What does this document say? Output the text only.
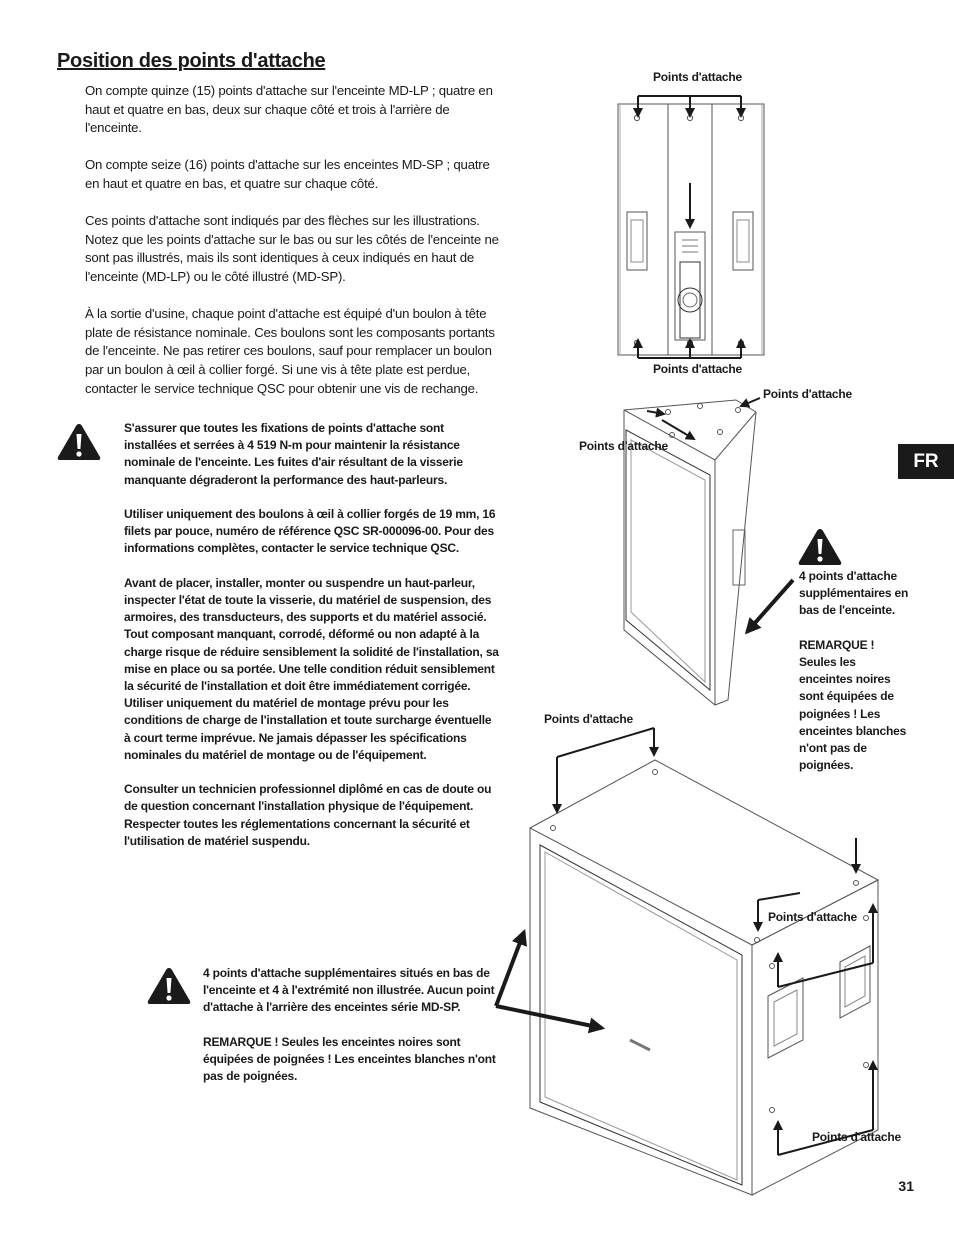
Position des points d'attache

On compte quinze (15) points d'attache sur l'enceinte MD-LP ; quatre en haut et quatre en bas, deux sur chaque côté et trois à l'arrière de l'enceinte.

On compte seize (16) points d'attache sur les enceintes MD-SP ; quatre en haut et quatre en bas, et quatre sur chaque côté.

Ces points d'attache sont indiqués par des flèches sur les illustrations. Notez que les points d'attache sur le bas ou sur les côtés de l'enceinte ne sont pas illustrés, mais ils sont identiques à ceux indiqués en haut de l'enceinte (MD-LP) ou le côté illustré (MD-SP).

À la sortie d'usine, chaque point d'attache est équipé d'un boulon à tête plate de résistance nominale. Ces boulons sont les composants portants de l'enceinte. Ne pas retirer ces boulons, sauf pour remplacer un boulon par un boulon à œil à collier forgé. Si une vis à tête plate est perdue, contacter le service technique QSC pour obtenir une vis de rechange.

S'assurer que toutes les fixations de points d'attache sont installées et serrées à 4 519 N-m pour maintenir la résistance nominale de l'enceinte. Les fuites d'air résultant de la visserie manquante dégraderont la performance des haut-parleurs.

Utiliser uniquement des boulons à œil à collier forgés de 19 mm, 16 filets par pouce, numéro de référence QSC SR-000096-00. Pour des informations complètes, contacter le service technique QSC.

Avant de placer, installer, monter ou suspendre un haut-parleur, inspecter l'état de toute la visserie, du matériel de suspension, des armoires, des transducteurs, des supports et du matériel associé. Tout composant manquant, corrodé, déformé ou non adapté à la charge risque de réduire sensiblement la solidité de l'installation, sa mise en place ou sa portée. Une telle condition réduit sensiblement la sécurité de l'installation et doit être immédiatement corrigée. Utiliser uniquement du matériel de montage prévu pour les conditions de charge de l'installation et toute surcharge éventuelle à court terme imprévue. Ne jamais dépasser les spécifications nominales du matériel de montage ou de l'équipement.

Consulter un technicien professionnel diplômé en cas de doute ou de question concernant l'installation physique de l'équipement. Respecter toutes les réglementations concernant la sécurité et l'utilisation de matériel suspendu.

4 points d'attache supplémentaires situés en bas de l'enceinte et 4 à l'extrémité non illustrée. Aucun point d'attache à l'arrière des enceintes série MD-SP.

REMARQUE ! Seules les enceintes noires sont équipées de poignées ! Les enceintes blanches n'ont pas de poignées.

4 points d'attache supplémentaires en bas de l'enceinte.

REMARQUE ! Seules les enceintes noires sont équipées de poignées ! Les enceintes blanches n'ont pas de poignées.

Points d'attache
Points d'attache
Points d'attache
Points d'attache
Points d'attache
Points d'attache
Points d'attache
FR
31
